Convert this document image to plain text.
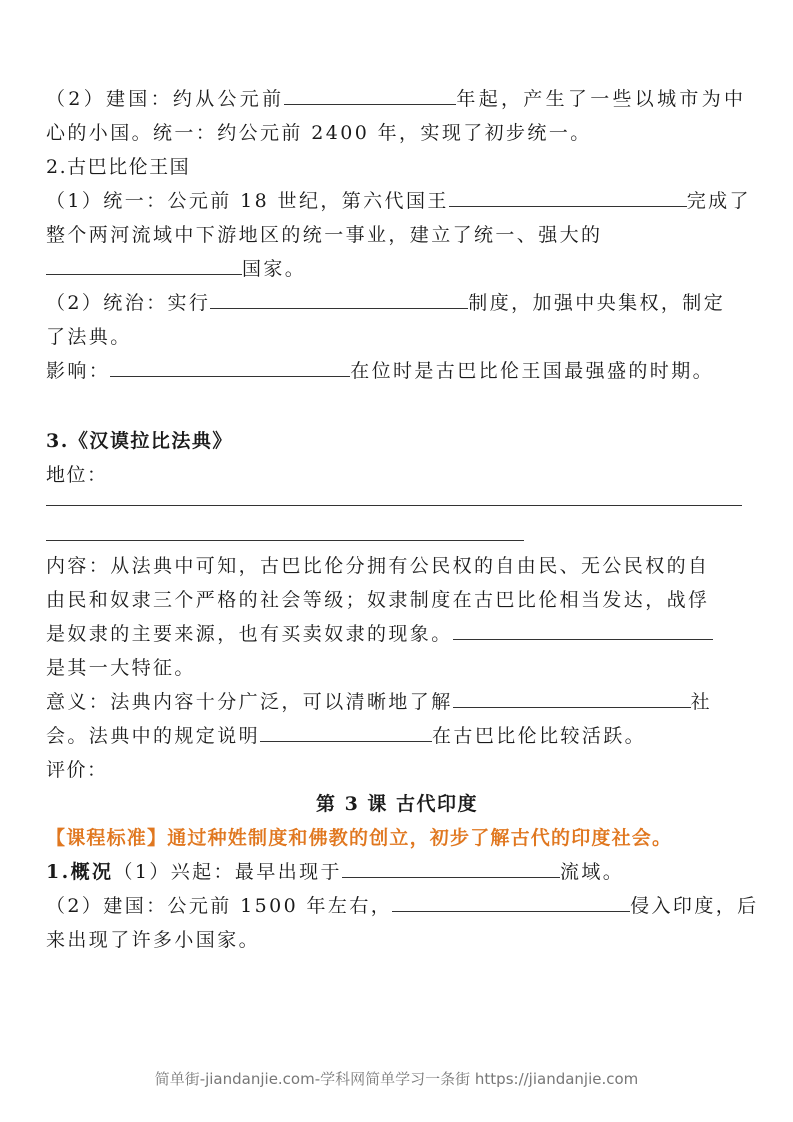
（2）建国：约从公元前	年起，产生了一些以城市为中
心的小国。统一：约公元前 2400 年，实现了初步统一。
2.古巴比伦王国
（1）统一：公元前 18 世纪，第六代国王	完成了
整个两河流域中下游地区的统一事业，建立了统一、强大的
国家。
（2）统治：实行	制度，加强中央集权，制定
了法典。
影响：	在位时是古巴比伦王国最强盛的时期。
3.《汉谟拉比法典》
地位：
内容：从法典中可知，古巴比伦分拥有公民权的自由民、无公民权的自
由民和奴隶三个严格的社会等级；奴隶制度在古巴比伦相当发达，战俘
是奴隶的主要来源，也有买卖奴隶的现象。
是其一大特征。
意义：法典内容十分广泛，可以清晰地了解	社
会。法典中的规定说明	在古巴比伦比较活跃。
评价：
第 3 课 古代印度
【课程标准】通过种姓制度和佛教的创立，初步了解古代的印度社会。
1.概况（1）兴起：最早出现于	流域。
（2）建国：公元前 1500 年左右，	侵入印度，后
来出现了许多小国家。
简单街-jiandanjie.com-学科网简单学习一条街 https://jiandanjie.com
